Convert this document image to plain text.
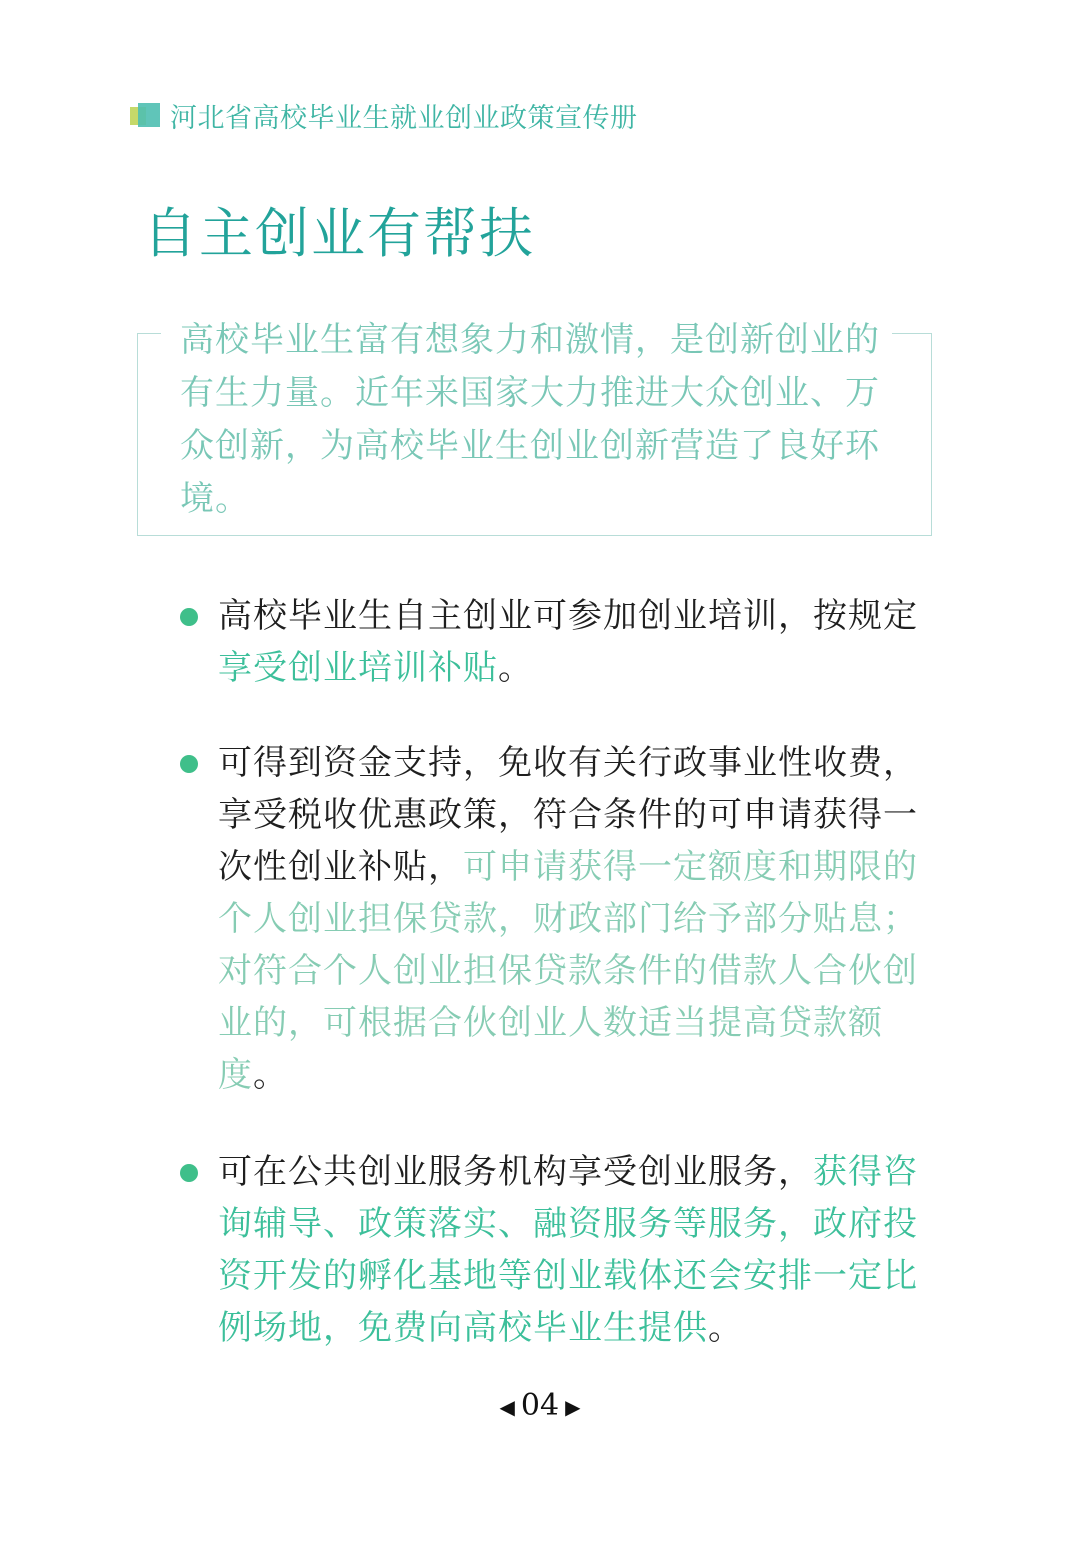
河北省高校毕业生就业创业政策宣传册
自主创业有帮扶
高校毕业生富有想象力和激情，是创新创业的有生力量。近年来国家大力推进大众创业、万众创新，为高校毕业生创业创新营造了良好环境。
高校毕业生自主创业可参加创业培训，按规定享受创业培训补贴。
可得到资金支持，免收有关行政事业性收费，享受税收优惠政策，符合条件的可申请获得一次性创业补贴，可申请获得一定额度和期限的个人创业担保贷款，财政部门给予部分贴息；对符合个人创业担保贷款条件的借款人合伙创业的，可根据合伙创业人数适当提高贷款额度。
可在公共创业服务机构享受创业服务，获得咨询辅导、政策落实、融资服务等服务，政府投资开发的孵化基地等创业载体还会安排一定比例场地，免费向高校毕业生提供。
◀ 04 ▶
